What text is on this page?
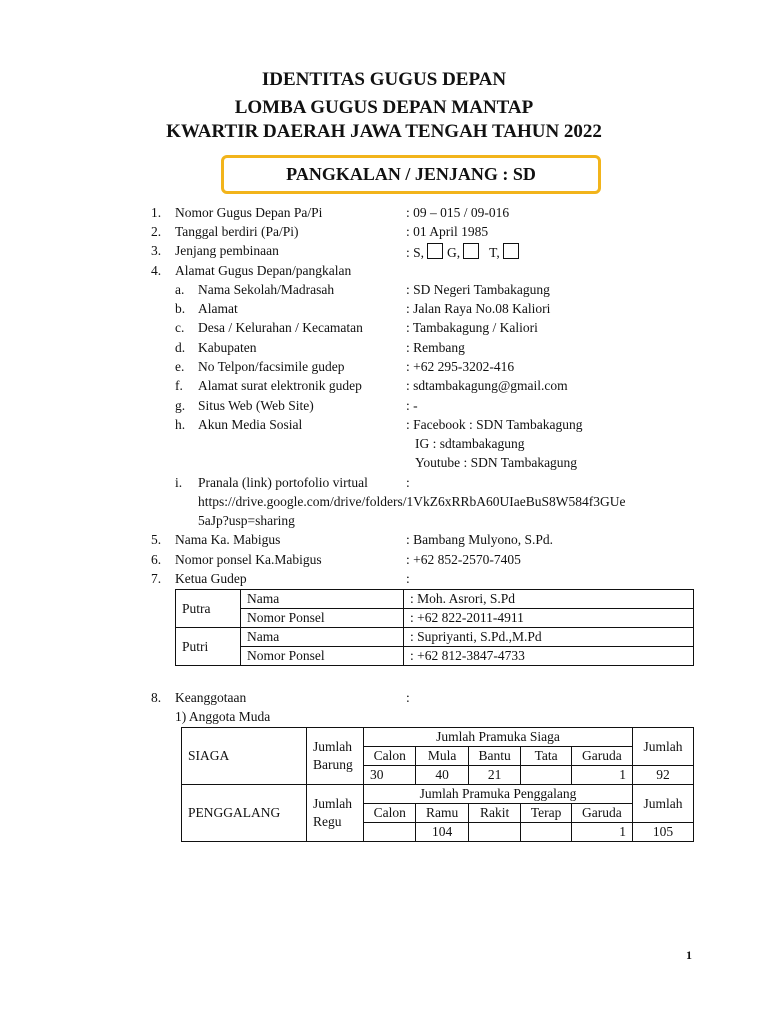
IDENTITAS GUGUS DEPAN
LOMBA GUGUS DEPAN MANTAP
KWARTIR DAERAH JAWA TENGAH TAHUN 2022
PANGKALAN / JENJANG : SD
1. Nomor Gugus Depan Pa/Pi	: 09 – 015 / 09-016
2. Tanggal berdiri (Pa/Pi)	: 01 April 1985
3. Jenjang pembinaan	: S, G, T,
4. Alamat Gugus Depan/pangkalan
a. Nama Sekolah/Madrasah	: SD Negeri Tambakagung
b. Alamat	: Jalan Raya No.08 Kaliori
c. Desa / Kelurahan / Kecamatan	: Tambakagung / Kaliori
d. Kabupaten	: Rembang
e. No Telpon/facsimile gudep	: +62 295-3202-416
f. Alamat surat elektronik gudep	: sdtambakagung@gmail.com
g. Situs Web (Web Site)	: -
h. Akun Media Sosial	: Facebook : SDN Tambakagung
IG : sdtambakagung
Youtube : SDN Tambakagung
i. Pranala (link) portofolio virtual	:
https://drive.google.com/drive/folders/1VkZ6xRRbA60UIaeBuS8W584f3GUe
5aJp?usp=sharing
5. Nama Ka. Mabigus	: Bambang Mulyono, S.Pd.
6. Nomor ponsel Ka.Mabigus	: +62 852-2570-7405
7. Ketua Gudep	:
Putra	Nama	: Moh. Asrori, S.Pd
	Nomor Ponsel	: +62 822-2011-4911
Putri	Nama	: Supriyanti, S.Pd.,M.Pd
	Nomor Ponsel	: +62 812-3847-4733
8. Keanggotaan	:
1) Anggota Muda
SIAGA	Jumlah Barung	Jumlah Pramuka Siaga					Jumlah
		Calon	Mula	Bantu	Tata	Garuda	
		30	40	21		1	92
PENGGALANG	Jumlah Regu	Jumlah Pramuka Penggalang					Jumlah
		Calon	Ramu	Rakit	Terap	Garuda	
			104			1	105
1
